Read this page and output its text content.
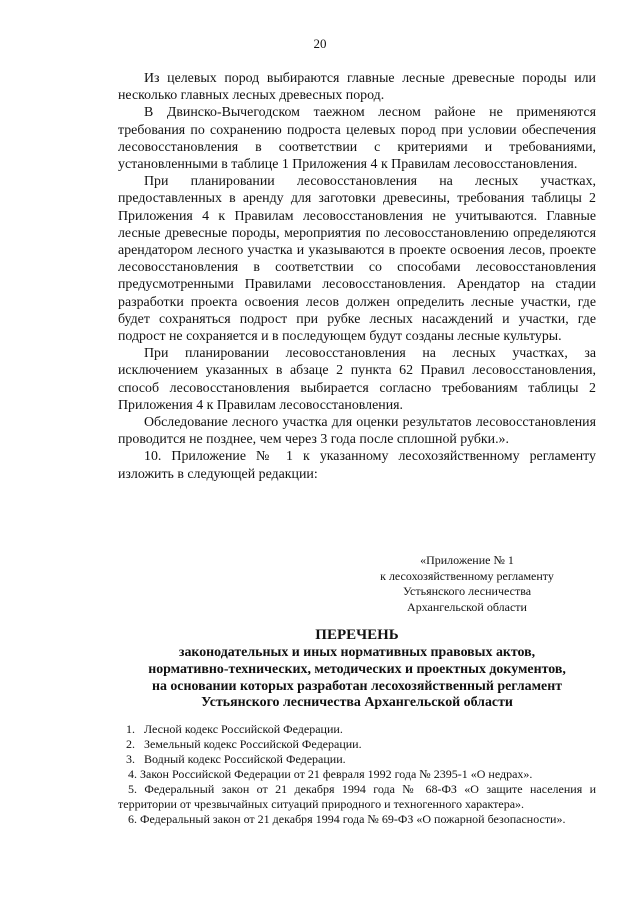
20

Из целевых пород выбираются главные лесные древесные породы или несколько главных лесных древесных пород.

В Двинско-Вычегодском таежном лесном районе не применяются требования по сохранению подроста целевых пород при условии обеспечения лесовосстановления в соответствии с критериями и требованиями, установленными в таблице 1 Приложения 4 к Правилам лесовосстановления.

При планировании лесовосстановления на лесных участках, предоставленных в аренду для заготовки древесины, требования таблицы 2 Приложения 4 к Правилам лесовосстановления не учитываются. Главные лесные древесные породы, мероприятия по лесовосстановлению определяются арендатором лесного участка и указываются в проекте освоения лесов, проекте лесовосстановления в соответствии со способами лесовосстановления предусмотренными Правилами лесовосстановления. Арендатор на стадии разработки проекта освоения лесов должен определить лесные участки, где будет сохраняться подрост при рубке лесных насаждений и участки, где подрост не сохраняется и в последующем будут созданы лесные культуры.

При планировании лесовосстановления на лесных участках, за исключением указанных в абзаце 2 пункта 62 Правил лесовосстановления, способ лесовосстановления выбирается согласно требованиям таблицы 2 Приложения 4 к Правилам лесовосстановления.

Обследование лесного участка для оценки результатов лесовосстановления проводится не позднее, чем через 3 года после сплошной рубки.».

10. Приложение № 1 к указанному лесохозяйственному регламенту изложить в следующей редакции:

«Приложение № 1
к лесохозяйственному регламенту
Устьянского лесничества
Архангельской области
ПЕРЕЧЕНЬ
законодательных и иных нормативных правовых актов,
нормативно-технических, методических и проектных документов,
на основании которых разработан лесохозяйственный регламент
Устьянского лесничества Архангельской области
1.   Лесной кодекс Российской Федерации.
2.   Земельный кодекс Российской Федерации.
3.   Водный кодекс Российской Федерации.
4. Закон Российской Федерации от 21 февраля 1992 года № 2395-1 «О недрах».
5. Федеральный закон от 21 декабря 1994 года № 68-ФЗ «О защите населения и территории от чрезвычайных ситуаций природного и техногенного характера».
6. Федеральный закон от 21 декабря 1994 года № 69-ФЗ «О пожарной безопасности».
